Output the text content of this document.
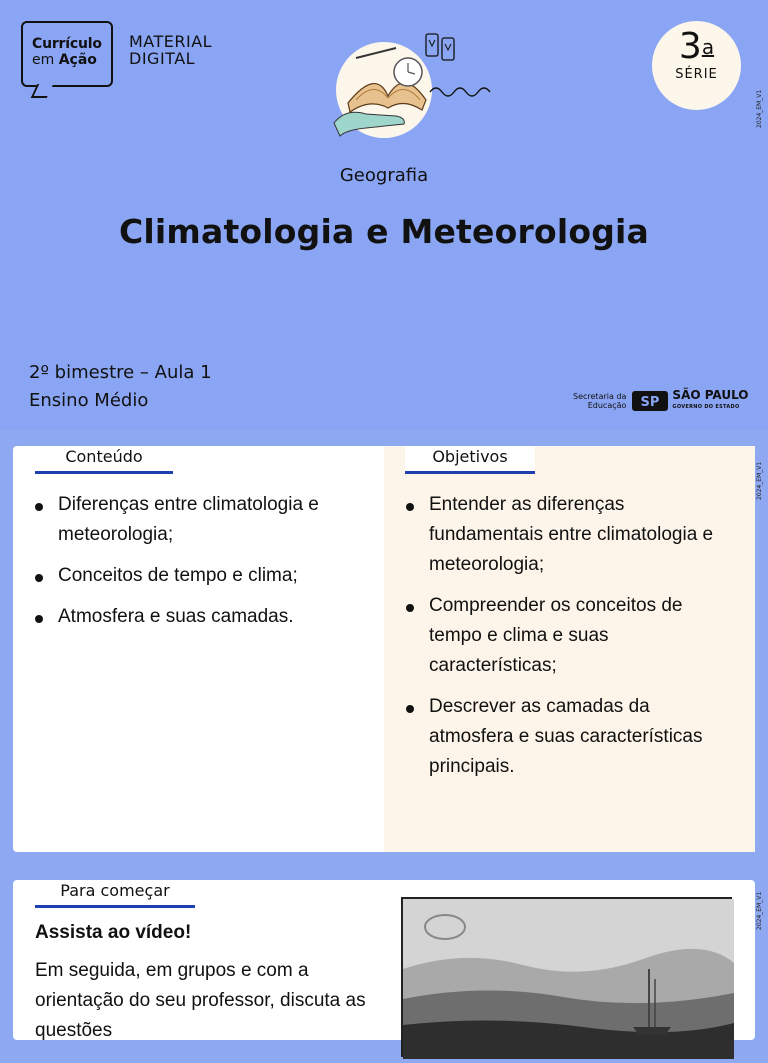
Currículo
em Ação
MATERIAL
DIGITAL	3$^a$
SÉRIE
2024_EM_V1
2024_EM_V1
2024_EM_V1
Geografia
Climatologia e Meteorologia
2º bimestre – Aula 1
Ensino Médio	Secretaria da
Educação SP SÃO PAULO
GOVERNO DO ESTADO
Conteúdo
Diferenças entre climatologia e meteorologia;
Conceitos de tempo e clima;
Atmosfera e suas camadas.
Objetivos
Entender as diferenças fundamentais entre climatologia e meteorologia;
Compreender os conceitos de tempo e clima e suas características;
Descrever as camadas da atmosfera e suas características principais.
Para começar
Assista ao vídeo!

Em seguida, em grupos e com a orientação do seu professor, discuta as questões
